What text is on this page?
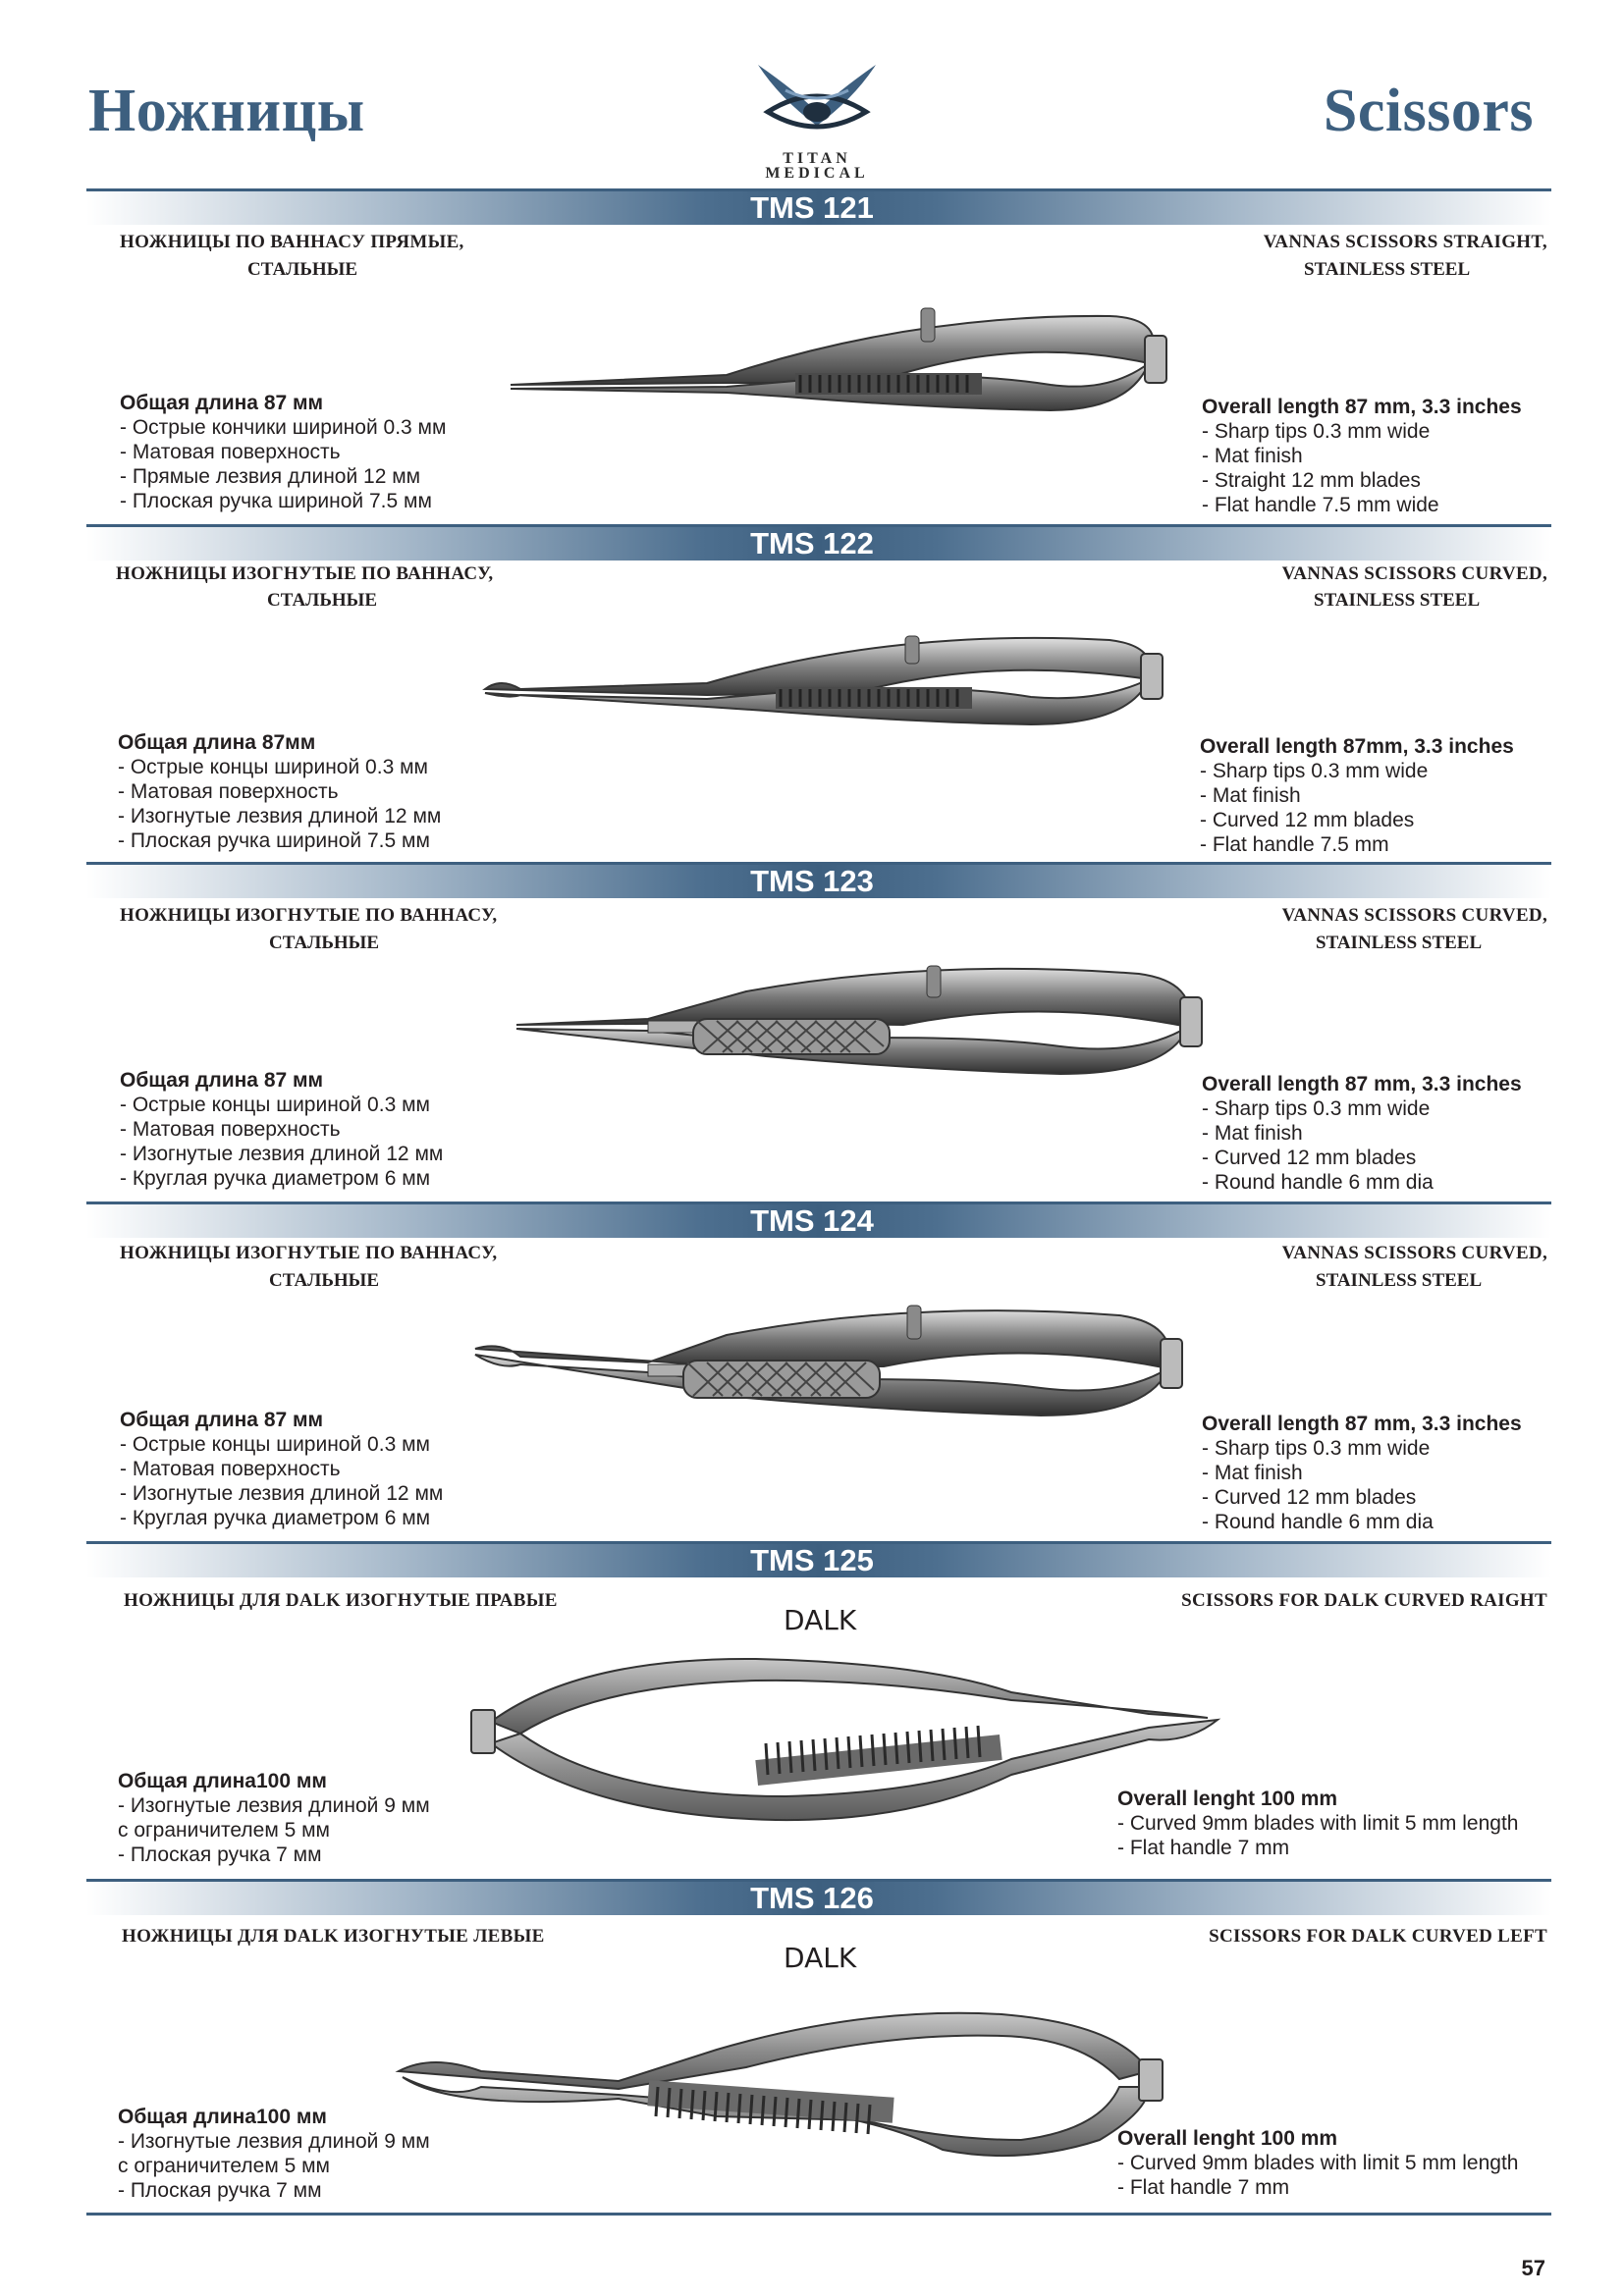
Ножницы	Scissors
TITAN
MEDICAL
TMS 121
НОЖНИЦЫ ПО ВАННАСУ ПРЯМЫЕ,
СТАЛЬНЫЕ
VANNAS SCISSORS STRAIGHT,
STAINLESS STEEL
Общая длина 87 мм
- Острые кончики шириной 0.3 мм
- Матовая поверхность
- Прямые лезвия длиной 12 мм
- Плоская ручка шириной 7.5 мм
Overall length 87 mm, 3.3 inches
- Sharp tips 0.3 mm wide
- Mat finish
- Straight 12 mm blades
- Flat handle 7.5 mm wide
TMS 122
НОЖНИЦЫ ИЗОГНУТЫЕ ПО ВАННАСУ,
СТАЛЬНЫЕ
VANNAS SCISSORS CURVED,
STAINLESS STEEL
Общая длина 87мм
- Острые концы шириной 0.3 мм
- Матовая поверхность
- Изогнутые лезвия длиной 12 мм
- Плоская ручка шириной 7.5 мм
Overall length 87mm, 3.3 inches
- Sharp tips 0.3 mm wide
- Mat finish
- Curved 12 mm blades
- Flat handle 7.5 mm
TMS 123
НОЖНИЦЫ ИЗОГНУТЫЕ ПО ВАННАСУ,
СТАЛЬНЫЕ
VANNAS SCISSORS CURVED,
STAINLESS STEEL
Общая длина 87 мм
- Острые концы шириной 0.3 мм
- Матовая поверхность
- Изогнутые лезвия длиной 12 мм
- Круглая ручка диаметром 6 мм
Overall length 87 mm, 3.3 inches
- Sharp tips 0.3 mm wide
- Mat finish
- Curved 12 mm blades
- Round handle 6 mm dia
TMS 124
НОЖНИЦЫ ИЗОГНУТЫЕ ПО ВАННАСУ,
СТАЛЬНЫЕ
VANNAS SCISSORS CURVED,
STAINLESS STEEL
Общая длина 87 мм
- Острые концы шириной 0.3 мм
- Матовая поверхность
- Изогнутые лезвия длиной 12 мм
- Круглая ручка диаметром 6 мм
Overall length 87 mm, 3.3 inches
- Sharp tips 0.3 mm wide
- Mat finish
- Curved 12 mm blades
- Round handle 6 mm dia
TMS 125
НОЖНИЦЫ ДЛЯ DALK ИЗОГНУТЫЕ ПРАВЫЕ	SCISSORS FOR DALK CURVED RAIGHT
DALK
Общая длина100 мм
- Изогнутые лезвия длиной 9 мм
с ограничителем 5 мм
- Плоская ручка 7 мм
Overall lenght 100 mm
- Curved 9mm blades with limit 5 mm length
- Flat handle 7 mm
TMS 126
НОЖНИЦЫ ДЛЯ DALK ИЗОГНУТЫЕ ЛЕВЫЕ	SCISSORS FOR DALK CURVED LEFT
DALK
Общая длина100 мм
- Изогнутые лезвия длиной 9 мм
с ограничителем 5 мм
- Плоская ручка 7 мм
Overall lenght 100 mm
- Curved 9mm blades with limit 5 mm length
- Flat handle 7 mm
57
